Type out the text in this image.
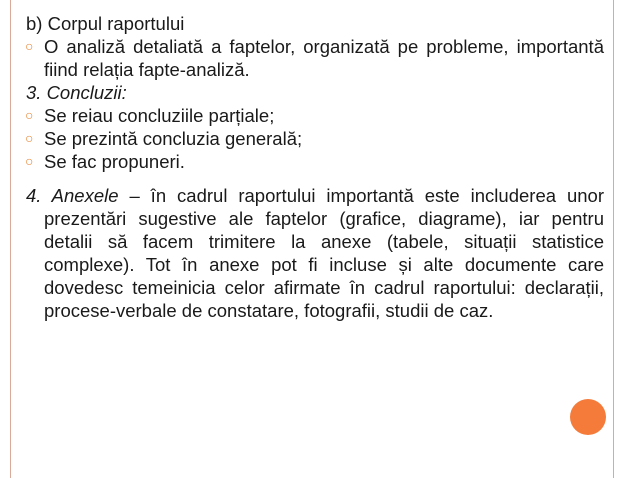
b) Corpul raportului

○ O analiză detaliată a faptelor, organizată pe probleme, importantă fiind relația fapte-analiză.

3. Concluzii:

○ Se reiau concluziile parțiale;
○ Se prezintă concluzia generală;
○ Se fac propuneri.

4. Anexele – în cadrul raportului importantă este includerea unor prezentări sugestive ale faptelor (grafice, diagrame), iar pentru detalii să facem trimitere la anexe (tabele, situații statistice complexe). Tot în anexe pot fi incluse și alte documente care dovedesc temeinicia celor afirmate în cadrul raportului: declarații, procese-verbale de constatare, fotografii, studii de caz.
